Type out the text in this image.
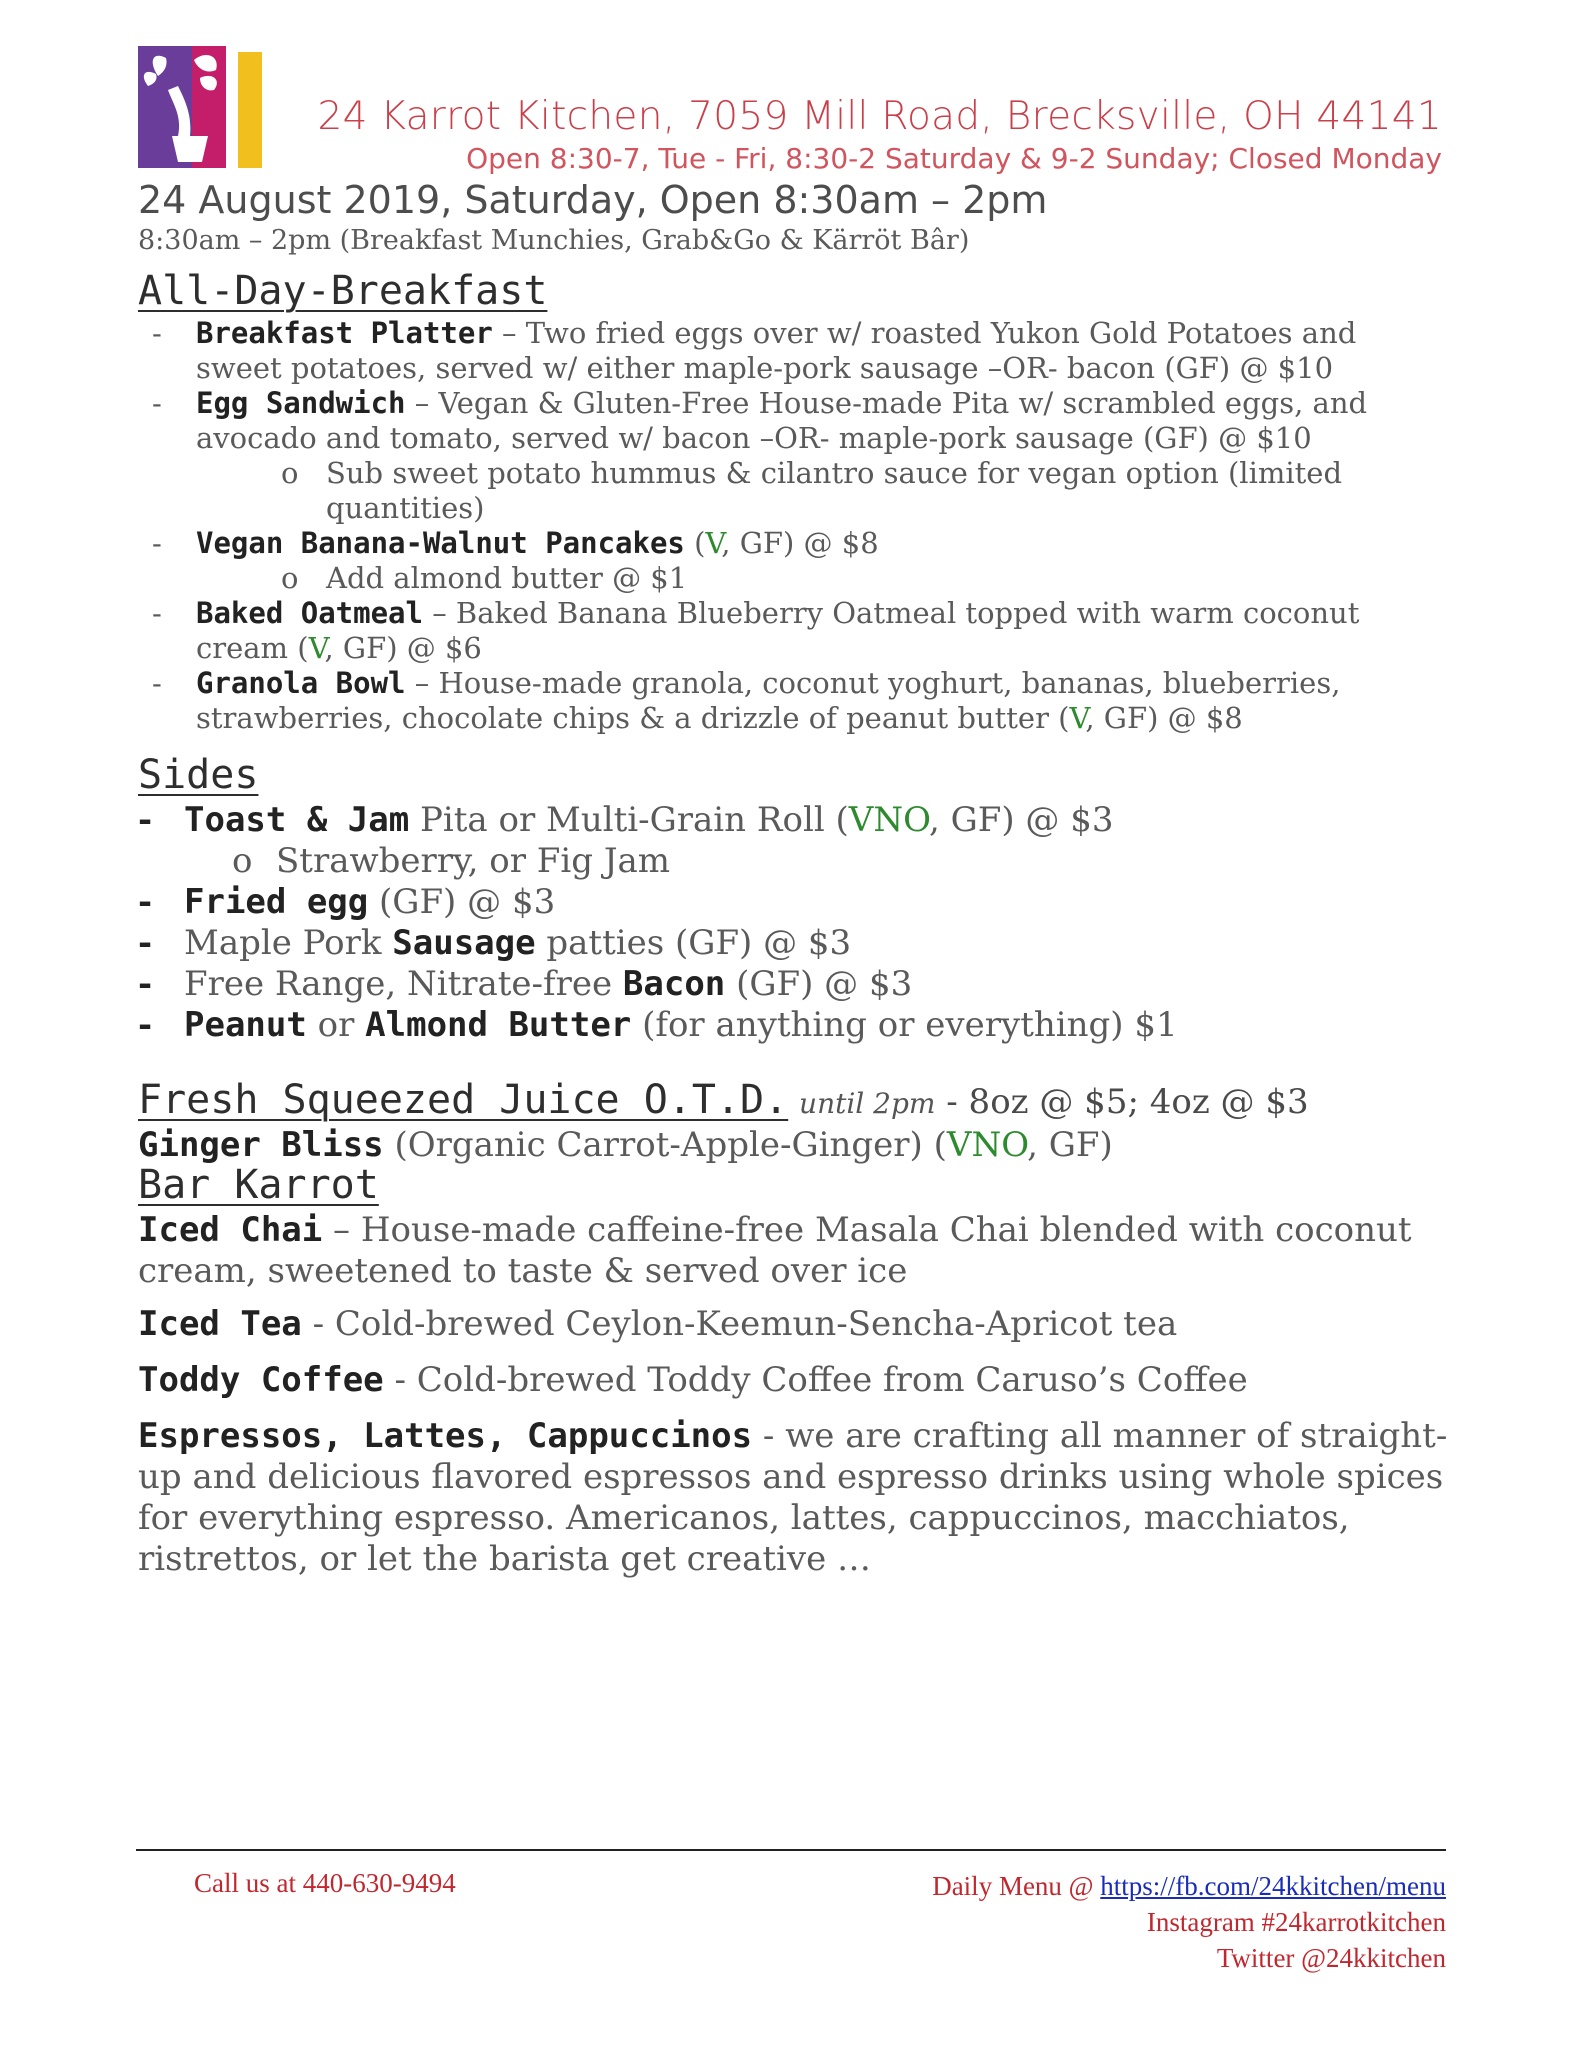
24 Karrot Kitchen, 7059 Mill Road, Brecksville, OH 44141
Open 8:30-7, Tue - Fri, 8:30-2 Saturday & 9-2 Sunday; Closed Monday
24 August 2019, Saturday, Open 8:30am – 2pm
8:30am – 2pm (Breakfast Munchies, Grab&Go & Kärröt Bâr)
All-Day-Breakfast
- Breakfast Platter – Two fried eggs over w/ roasted Yukon Gold Potatoes and sweet potatoes, served w/ either maple-pork sausage –OR- bacon (GF) @ $10
- Egg Sandwich – Vegan & Gluten-Free House-made Pita w/ scrambled eggs, and avocado and tomato, served w/ bacon –OR- maple-pork sausage (GF) @ $10
o Sub sweet potato hummus & cilantro sauce for vegan option (limited quantities)
- Vegan Banana-Walnut Pancakes (V, GF) @ $8
o Add almond butter @ $1
- Baked Oatmeal – Baked Banana Blueberry Oatmeal topped with warm coconut cream (V, GF) @ $6
- Granola Bowl – House-made granola, coconut yoghurt, bananas, blueberries, strawberries, chocolate chips & a drizzle of peanut butter (V, GF) @ $8
Sides
- Toast & Jam Pita or Multi-Grain Roll (VNO, GF) @ $3
o Strawberry, or Fig Jam
- Fried egg (GF) @ $3
- Maple Pork Sausage patties (GF) @ $3
- Free Range, Nitrate-free Bacon (GF) @ $3
- Peanut or Almond Butter (for anything or everything) $1
Fresh Squeezed Juice O.T.D. until 2pm - 8oz @ $5; 4oz @ $3
Ginger Bliss (Organic Carrot-Apple-Ginger) (VNO, GF)
Bar Karrot
Iced Chai – House-made caffeine-free Masala Chai blended with coconut cream, sweetened to taste & served over ice
Iced Tea - Cold-brewed Ceylon-Keemun-Sencha-Apricot tea
Toddy Coffee - Cold-brewed Toddy Coffee from Caruso’s Coffee
Espressos, Lattes, Cappuccinos - we are crafting all manner of straight-up and delicious flavored espressos and espresso drinks using whole spices for everything espresso. Americanos, lattes, cappuccinos, macchiatos, ristrettos, or let the barista get creative …
Call us at 440-630-9494	Daily Menu @ https://fb.com/24kkitchen/menu
Instagram #24karrotkitchen
Twitter @24kkitchen
